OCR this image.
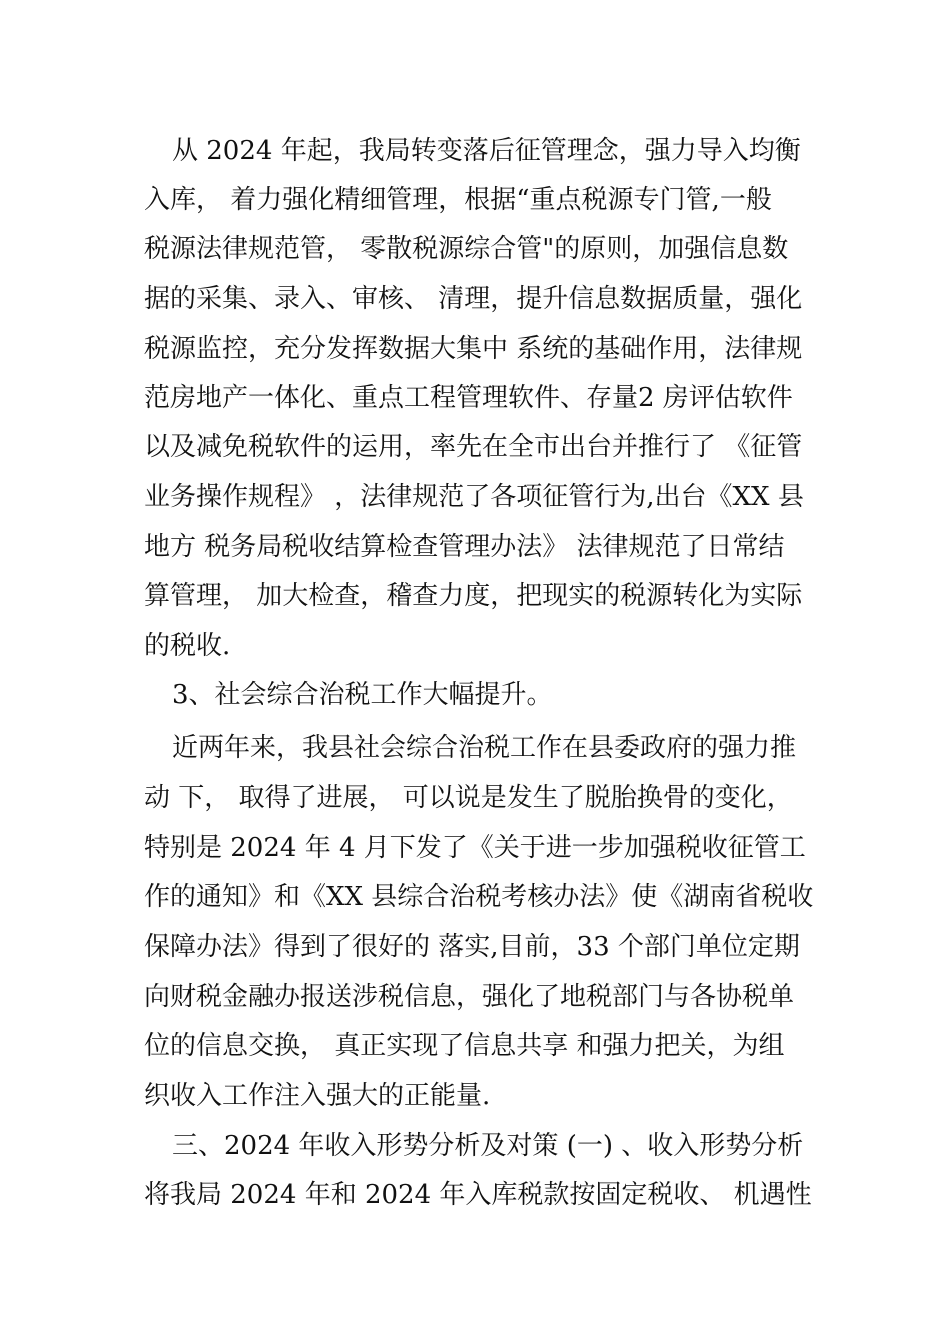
从 2024 年起，我局转变落后征管理念，强力导入均衡
入库， 着力强化精细管理，根据“重点税源专门管,一般
税源法律规范管， 零散税源综合管"的原则，加强信息数
据的采集、录入、审核、 清理，提升信息数据质量，强化
税源监控，充分发挥数据大集中 系统的基础作用，法律规
范房地产一体化、重点工程管理软件、存量2 房评估软件
以及减免税软件的运用，率先在全市出台并推行了 《征管
业务操作规程》 ，法律规范了各项征管行为,出台《XX 县
地方 税务局税收结算检查管理办法》 法律规范了日常结
算管理， 加大检查，稽查力度，把现实的税源转化为实际
的税收.
3、社会综合治税工作大幅提升。
近两年来，我县社会综合治税工作在县委政府的强力推
动 下， 取得了进展， 可以说是发生了脱胎换骨的变化，
特别是 2024 年 4 月下发了《关于进一步加强税收征管工
作的通知》和《XX 县综合治税考核办法》使《湖南省税收
保障办法》得到了很好的 落实,目前，33 个部门单位定期
向财税金融办报送涉税信息，强化了地税部门与各协税单
位的信息交换， 真正实现了信息共享 和强力把关，为组
织收入工作注入强大的正能量.
三、2024 年收入形势分析及对策 (一) 、收入形势分析
将我局 2024 年和 2024 年入库税款按固定税收、 机遇性
